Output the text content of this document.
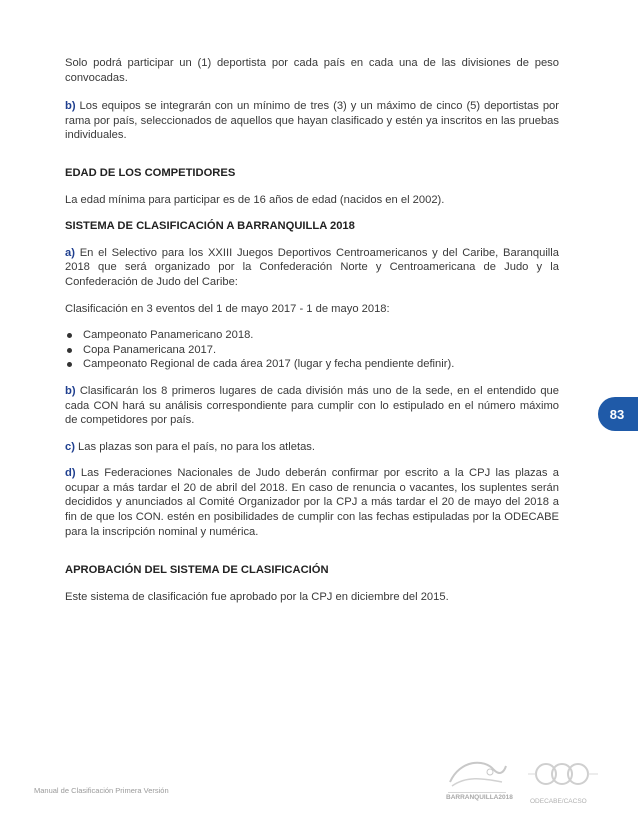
Solo podrá participar un (1) deportista por cada país en cada una de las divisiones de peso convocadas.

b) Los equipos se integrarán con un mínimo de tres (3) y un máximo de cinco (5) deportistas por rama por país, seleccionados de aquellos que hayan clasificado y estén ya inscritos en las pruebas individuales.

EDAD DE LOS COMPETIDORES

La edad mínima para participar es de 16 años de edad (nacidos en el 2002).

SISTEMA DE CLASIFICACIÓN A BARRANQUILLA 2018

a) En el Selectivo para los XXIII Juegos Deportivos Centroamericanos y del Caribe, Baranquilla 2018 que será organizado por la Confederación Norte y Centroamericana de Judo y la Confederación de Judo del Caribe:

Clasificación en 3 eventos del 1 de mayo 2017 - 1 de mayo 2018:

Campeonato Panamericano 2018.
Copa Panamericana 2017.
Campeonato Regional de cada área 2017 (lugar y fecha pendiente definir).

b) Clasificarán los 8 primeros lugares de cada división más uno de la sede, en el entendido que cada CON hará su análisis correspondiente para cumplir con lo estipulado en el número máximo de competidores por país.

c) Las plazas son para el país, no para los atletas.

d) Las Federaciones Nacionales de Judo deberán confirmar por escrito a la CPJ las plazas a ocupar a más tardar el 20 de abril del 2018. En caso de renuncia o vacantes, los suplentes serán decididos y anunciados al Comité Organizador por la CPJ a más tardar el 20 de mayo del 2018 a fin de que los CON. estén en posibilidades de cumplir con las fechas estipuladas por la ODECABE para la inscripción nominal y numérica.

APROBACIÓN DEL SISTEMA DE CLASIFICACIÓN

Este sistema de clasificación fue aprobado por la CPJ en diciembre del 2015.

83
Manual de Clasificación Primera Versión
BARRANQUILLA2018
ODECABE/CACSO
